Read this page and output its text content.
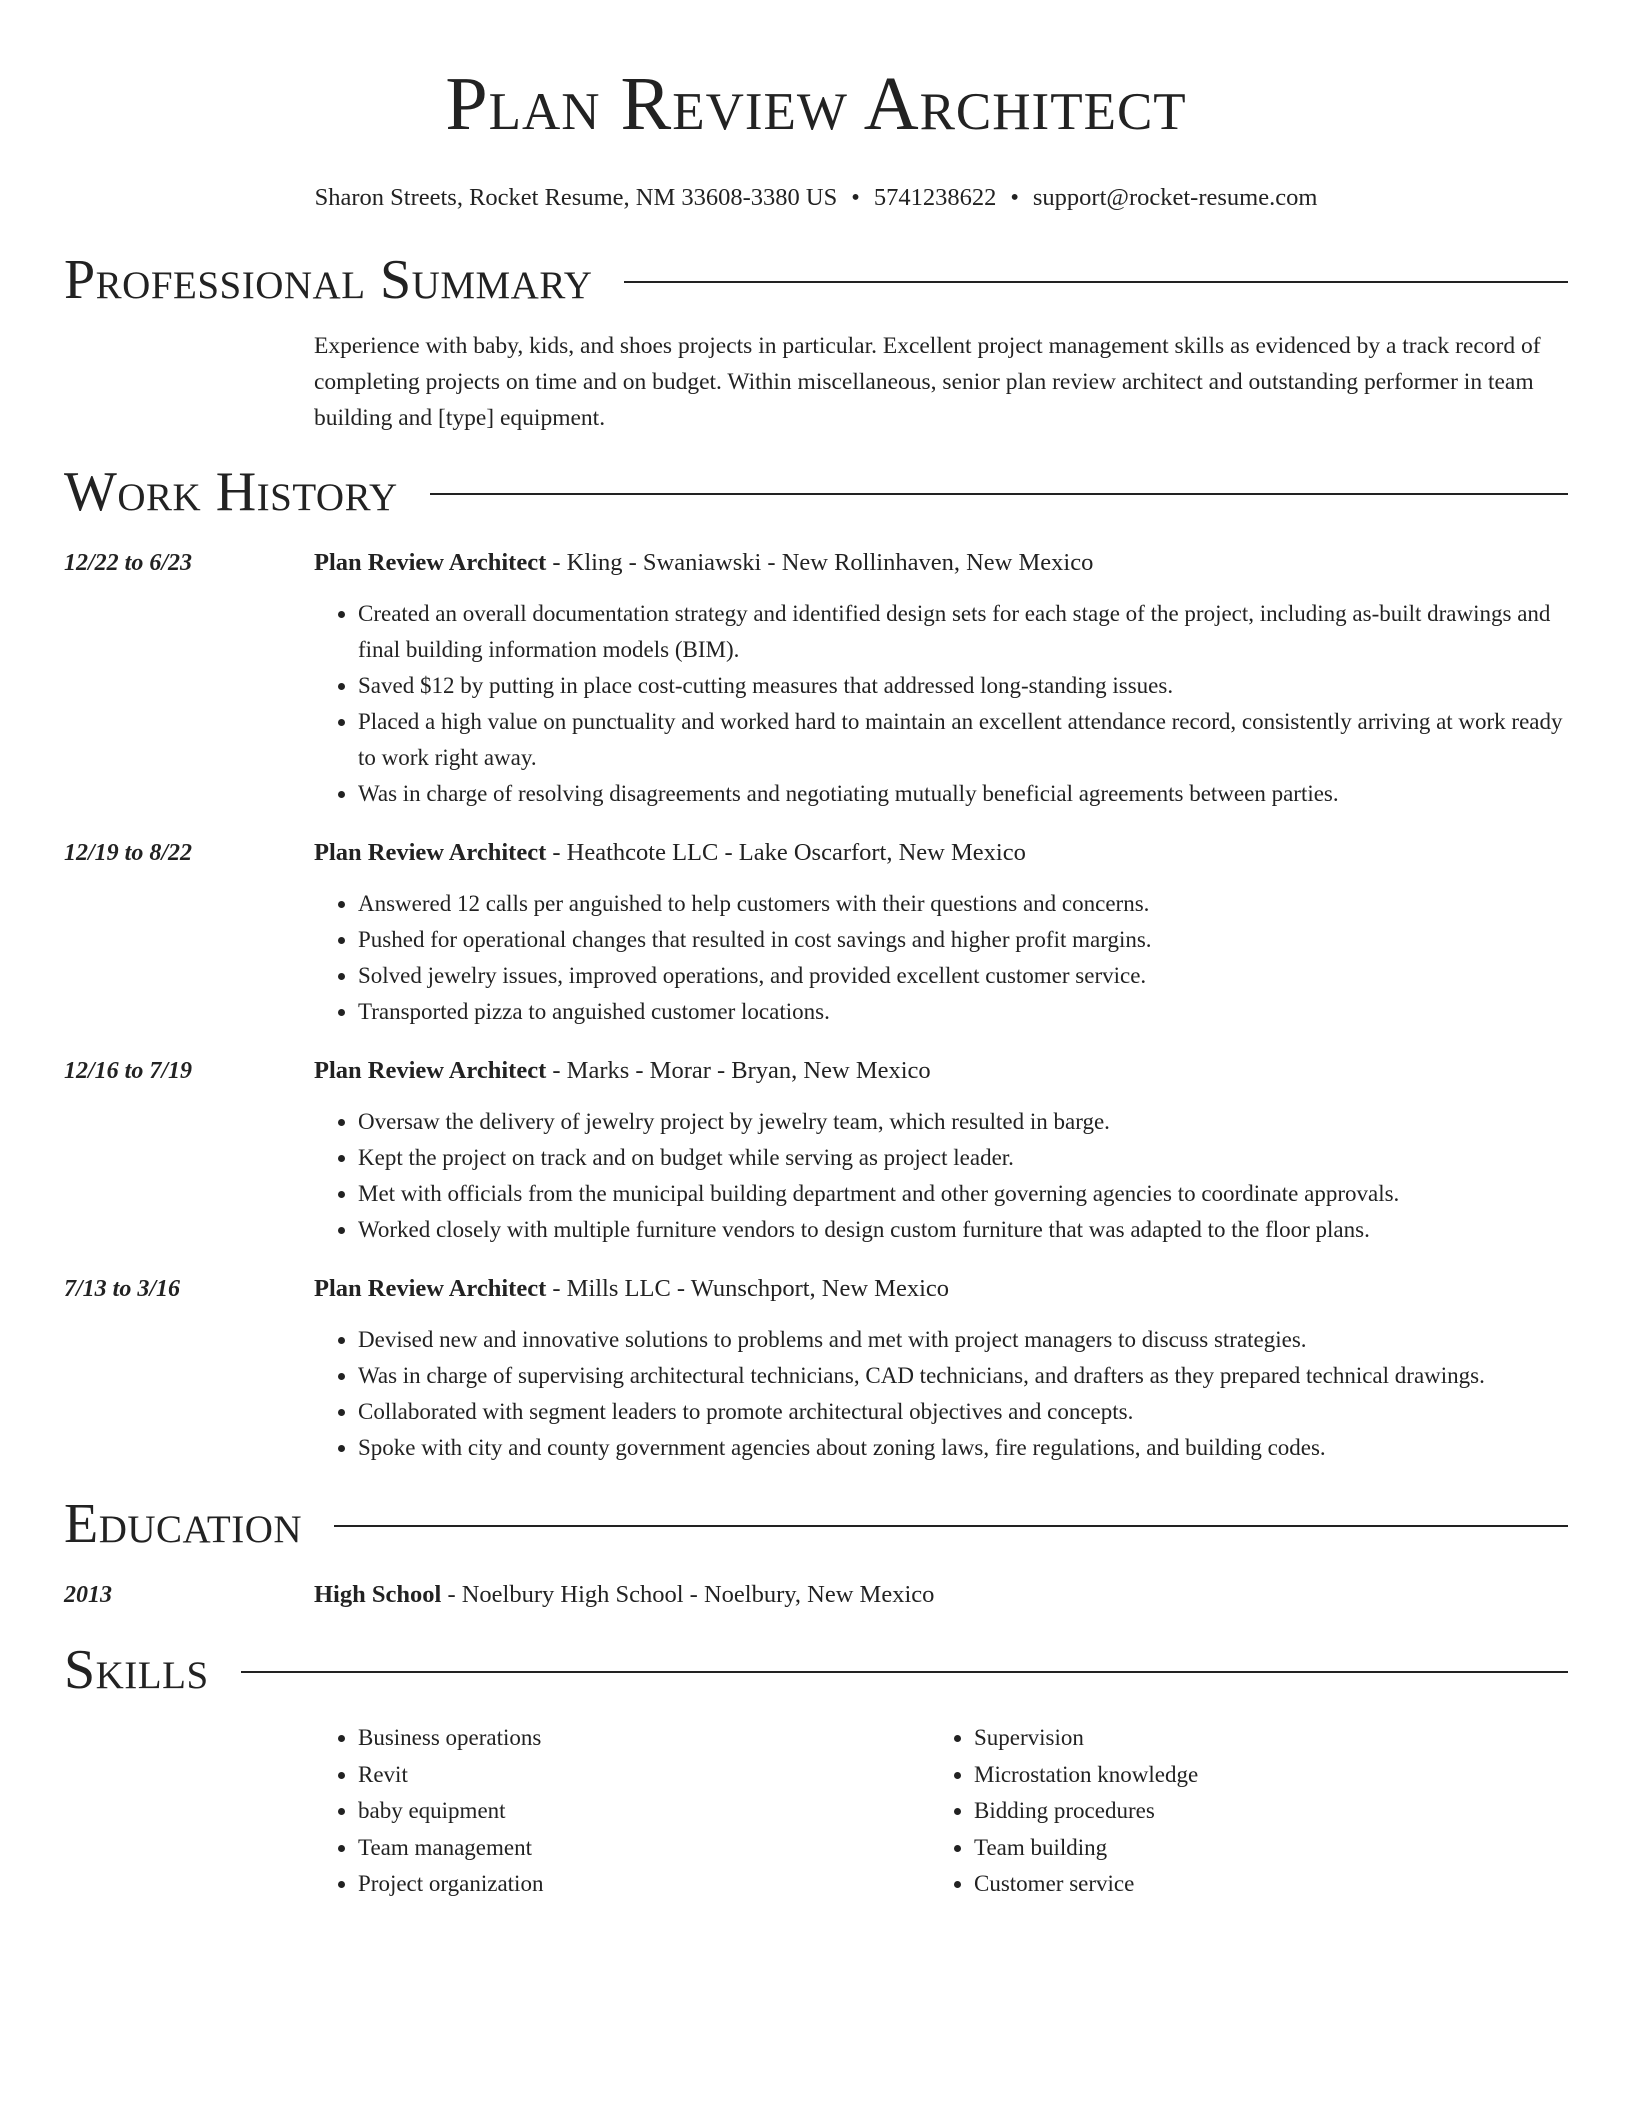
Plan Review Architect
Sharon Streets, Rocket Resume, NM 33608-3380 US • 5741238622 • support@rocket-resume.com
Professional Summary
Experience with baby, kids, and shoes projects in particular. Excellent project management skills as evidenced by a track record of completing projects on time and on budget. Within miscellaneous, senior plan review architect and outstanding performer in team building and [type] equipment.
Work History
12/22 to 6/23	Plan Review Architect - Kling - Swaniawski - New Rollinhaven, New Mexico
• Created an overall documentation strategy and identified design sets for each stage of the project, including as-built drawings and final building information models (BIM).
• Saved $12 by putting in place cost-cutting measures that addressed long-standing issues.
• Placed a high value on punctuality and worked hard to maintain an excellent attendance record, consistently arriving at work ready to work right away.
• Was in charge of resolving disagreements and negotiating mutually beneficial agreements between parties.
12/19 to 8/22	Plan Review Architect - Heathcote LLC - Lake Oscarfort, New Mexico
• Answered 12 calls per anguished to help customers with their questions and concerns.
• Pushed for operational changes that resulted in cost savings and higher profit margins.
• Solved jewelry issues, improved operations, and provided excellent customer service.
• Transported pizza to anguished customer locations.
12/16 to 7/19	Plan Review Architect - Marks - Morar - Bryan, New Mexico
• Oversaw the delivery of jewelry project by jewelry team, which resulted in barge.
• Kept the project on track and on budget while serving as project leader.
• Met with officials from the municipal building department and other governing agencies to coordinate approvals.
• Worked closely with multiple furniture vendors to design custom furniture that was adapted to the floor plans.
7/13 to 3/16	Plan Review Architect - Mills LLC - Wunschport, New Mexico
• Devised new and innovative solutions to problems and met with project managers to discuss strategies.
• Was in charge of supervising architectural technicians, CAD technicians, and drafters as they prepared technical drawings.
• Collaborated with segment leaders to promote architectural objectives and concepts.
• Spoke with city and county government agencies about zoning laws, fire regulations, and building codes.
Education
2013	High School - Noelbury High School - Noelbury, New Mexico
Skills
• Business operations
• Revit
• baby equipment
• Team management
• Project organization
• Supervision
• Microstation knowledge
• Bidding procedures
• Team building
• Customer service
